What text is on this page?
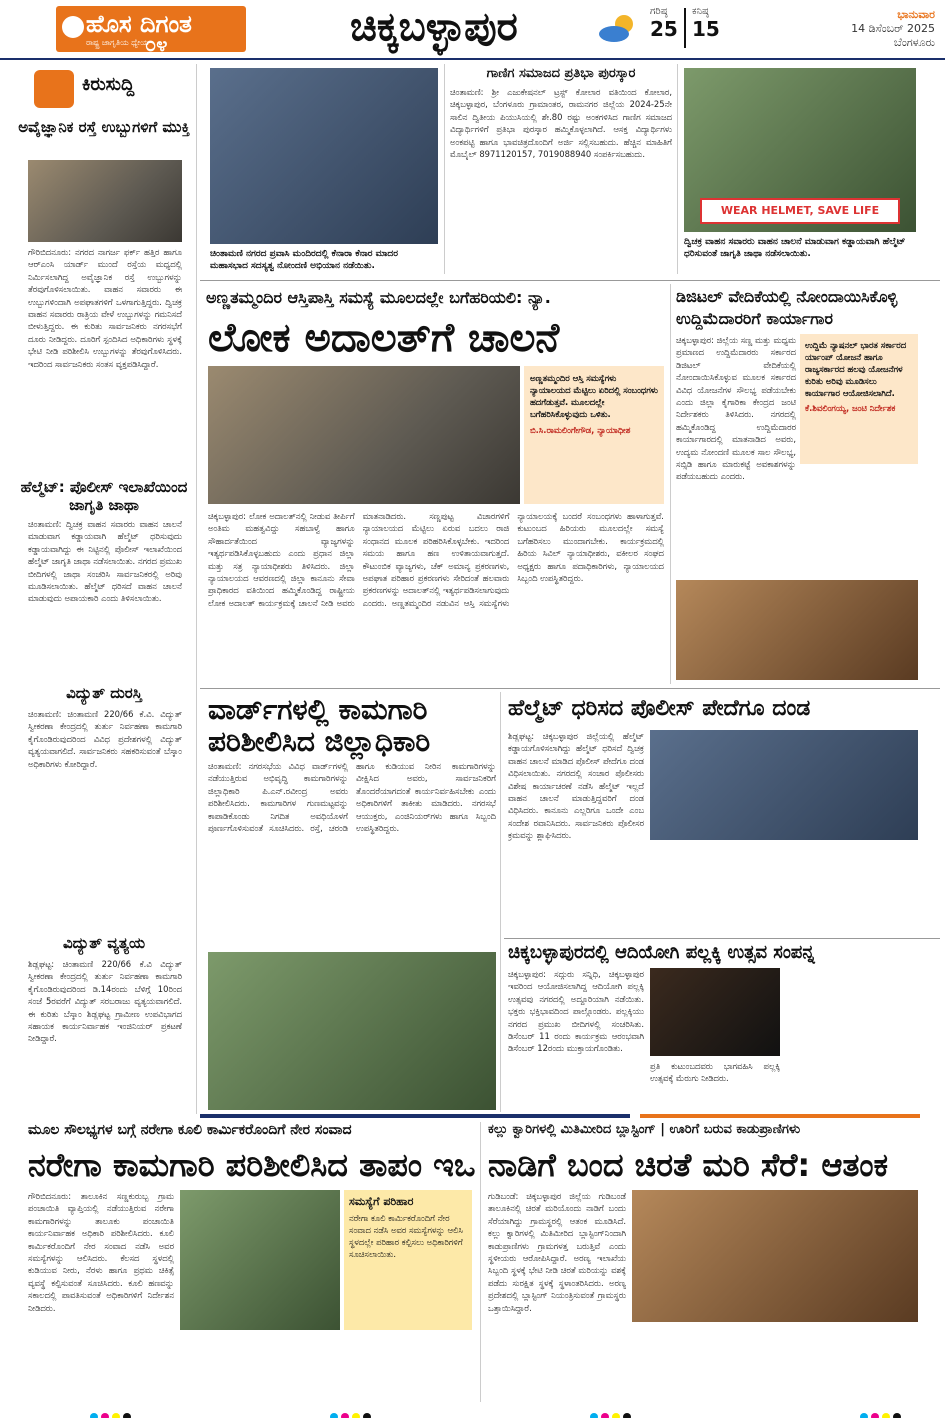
ಹೊಸ ದಿಗಂತ
ರಾಷ್ಟ್ರ ಜಾಗೃತಿಯ ಧ್ಯೇಯ
೦೪	ಚಿಕ್ಕಬಳ್ಳಾಪುರ	ಗರಿಷ್ಠ
25
ಕನಿಷ್ಠ
15
ಭಾನುವಾರ
14 ಡಿಸೆಂಬರ್ 2025
ಬೆಂಗಳೂರು
ಕಿರುಸುದ್ದಿ
ಅವೈಜ್ಞಾನಿಕ ರಸ್ತೆ ಉಬ್ಬುಗಳಿಗೆ ಮುಕ್ತಿ
ಗೌರಿಬಿದನೂರು: ನಗರದ ನಾಗರ್ಜ ಫರ್ಕ್ ಹತ್ತಿರ ಹಾಗೂ ಆರ್‌ಎಂಸಿ ಯಾರ್ಡ್ ಮುಂದೆ ರಸ್ತೆಯ ಮಧ್ಯದಲ್ಲಿ ನಿರ್ಮಿಸಲಾಗಿದ್ದ ಅವೈಜ್ಞಾನಿಕ ರಸ್ತೆ ಉಬ್ಬುಗಳನ್ನು ತೆರವುಗೊಳಿಸಲಾಯಿತು. ವಾಹನ ಸವಾರರು ಈ ಉಬ್ಬುಗಳಿಂದಾಗಿ ಅಪಘಾತಗಳಿಗೆ ಒಳಗಾಗುತ್ತಿದ್ದರು. ದ್ವಿಚಕ್ರ ವಾಹನ ಸವಾರರು ರಾತ್ರಿಯ ವೇಳೆ ಉಬ್ಬುಗಳನ್ನು ಗಮನಿಸದೆ ಬೀಳುತ್ತಿದ್ದರು. ಈ ಕುರಿತು ಸಾರ್ವಜನಿಕರು ನಗರಸಭೆಗೆ ದೂರು ನೀಡಿದ್ದರು. ದೂರಿಗೆ ಸ್ಪಂದಿಸಿದ ಅಧಿಕಾರಿಗಳು ಸ್ಥಳಕ್ಕೆ ಭೇಟಿ ನೀಡಿ ಪರಿಶೀಲಿಸಿ ಉಬ್ಬುಗಳನ್ನು ತೆರವುಗೊಳಿಸಿದರು. ಇದರಿಂದ ಸಾರ್ವಜನಿಕರು ಸಂತಸ ವ್ಯಕ್ತಪಡಿಸಿದ್ದಾರೆ.
ಹೆಲ್ಮೆಟ್: ಪೊಲೀಸ್ ಇಲಾಖೆಯಿಂದ ಜಾಗೃತಿ ಜಾಥಾ
ಚಿಂತಾಮಣಿ: ದ್ವಿಚಕ್ರ ವಾಹನ ಸವಾರರು ವಾಹನ ಚಾಲನೆ ಮಾಡುವಾಗ ಕಡ್ಡಾಯವಾಗಿ ಹೆಲ್ಮೆಟ್ ಧರಿಸುವುದು ಕಡ್ಡಾಯವಾಗಿದ್ದು ಈ ನಿಟ್ಟಿನಲ್ಲಿ ಪೊಲೀಸ್ ಇಲಾಖೆಯಿಂದ ಹೆಲ್ಮೆಟ್ ಜಾಗೃತಿ ಜಾಥಾ ನಡೆಸಲಾಯಿತು. ನಗರದ ಪ್ರಮುಖ ಬೀದಿಗಳಲ್ಲಿ ಜಾಥಾ ಸಂಚರಿಸಿ ಸಾರ್ವಜನಿಕರಲ್ಲಿ ಅರಿವು ಮೂಡಿಸಲಾಯಿತು. ಹೆಲ್ಮೆಟ್ ಧರಿಸದೆ ವಾಹನ ಚಾಲನೆ ಮಾಡುವುದು ಅಪಾಯಕಾರಿ ಎಂದು ತಿಳಿಸಲಾಯಿತು.
ವಿದ್ಯುತ್ ದುರಸ್ತಿ
ಚಿಂತಾಮಣಿ: ಚಿಂತಾಮಣಿ 220/66 ಕೆ.ವಿ. ವಿದ್ಯುತ್ ಸ್ವೀಕರಣಾ ಕೇಂದ್ರದಲ್ಲಿ ತುರ್ತು ನಿರ್ವಹಣಾ ಕಾಮಗಾರಿ ಕೈಗೊಂಡಿರುವುದರಿಂದ ವಿವಿಧ ಪ್ರದೇಶಗಳಲ್ಲಿ ವಿದ್ಯುತ್ ವ್ಯತ್ಯಯವಾಗಲಿದೆ. ಸಾರ್ವಜನಿಕರು ಸಹಕರಿಸುವಂತೆ ಬೆಸ್ಕಾಂ ಅಧಿಕಾರಿಗಳು ಕೋರಿದ್ದಾರೆ.
ವಿದ್ಯುತ್ ವ್ಯತ್ಯಯ
ಶಿಡ್ಲಘಟ್ಟ: ಚಿಂತಾಮಣಿ 220/66 ಕೆ.ವಿ ವಿದ್ಯುತ್ ಸ್ವೀಕರಣಾ ಕೇಂದ್ರದಲ್ಲಿ ತುರ್ತು ನಿರ್ವಹಣಾ ಕಾಮಗಾರಿ ಕೈಗೊಂಡಿರುವುದರಿಂದ ಡಿ.14ರಂದು ಬೆಳಿಗ್ಗೆ 10ರಿಂದ ಸಂಜೆ 5ರವರೆಗೆ ವಿದ್ಯುತ್ ಸರಬರಾಜು ವ್ಯತ್ಯಯವಾಗಲಿದೆ. ಈ ಕುರಿತು ಬೆಸ್ಕಾಂ ಶಿಡ್ಲಘಟ್ಟ ಗ್ರಾಮೀಣ ಉಪವಿಭಾಗದ ಸಹಾಯಕ ಕಾರ್ಯನಿರ್ವಾಹಕ ಇಂಜಿನಿಯರ್ ಪ್ರಕಟಣೆ ನೀಡಿದ್ದಾರೆ.
ಚಿಂತಾಮಣಿ ನಗರದ ಪ್ರವಾಸಿ ಮಂದಿರದಲ್ಲಿ ಕೆನಾರಾ ಕೆನಾರ ಮಾದರ ಮಹಾಸಭಾದ ಸದಸ್ಯತ್ವ ನೋಂದಣಿ ಅಭಿಯಾನ ನಡೆಯಿತು.
ಗಾಣಿಗ ಸಮಾಜದ ಪ್ರತಿಭಾ ಪುರಸ್ಕಾರ
ಚಿಂತಾಮಣಿ: ಶ್ರೀ ಎಜುಕೇಷನಲ್ ಟ್ರಸ್ಟ್ ಕೋಲಾರ ವತಿಯಿಂದ ಕೋಲಾರ, ಚಿಕ್ಕಬಳ್ಳಾಪುರ, ಬೆಂಗಳೂರು ಗ್ರಾಮಾಂತರ, ರಾಮನಗರ ಜಿಲ್ಲೆಯ 2024-25ನೇ ಸಾಲಿನ ದ್ವಿತೀಯ ಪಿಯುಸಿಯಲ್ಲಿ ಶೇ.80 ರಷ್ಟು ಅಂಕಗಳಿಸಿದ ಗಾಣಿಗ ಸಮಾಜದ ವಿದ್ಯಾರ್ಥಿಗಳಿಗೆ ಪ್ರತಿಭಾ ಪುರಸ್ಕಾರ ಹಮ್ಮಿಕೊಳ್ಳಲಾಗಿದೆ. ಆಸಕ್ತ ವಿದ್ಯಾರ್ಥಿಗಳು ಅಂಕಪಟ್ಟಿ ಹಾಗೂ ಭಾವಚಿತ್ರದೊಂದಿಗೆ ಅರ್ಜಿ ಸಲ್ಲಿಸಬಹುದು. ಹೆಚ್ಚಿನ ಮಾಹಿತಿಗೆ ಮೊಬೈಲ್ 8971120157, 7019088940 ಸಂಪರ್ಕಿಸಬಹುದು.
WEAR HELMET, SAVE LIFE
ದ್ವಿಚಕ್ರ ವಾಹನ ಸವಾರರು ವಾಹನ ಚಾಲನೆ ಮಾಡುವಾಗ ಕಡ್ಡಾಯವಾಗಿ ಹೆಲ್ಮೆಟ್ ಧರಿಸುವಂತೆ ಜಾಗೃತಿ ಜಾಥಾ ನಡೆಸಲಾಯಿತು.
ಅಣ್ಣತಮ್ಮಂದಿರ ಆಸ್ತಿಪಾಸ್ತಿ ಸಮಸ್ಯೆ ಮೂಲದಲ್ಲೇ ಬಗೆಹರಿಯಲಿ: ನ್ಯಾ.
ಲೋಕ ಅದಾಲತ್‌ಗೆ ಚಾಲನೆ
ಅಣ್ಣತಮ್ಮಂದಿರ ಆಸ್ತಿ ಸಮಸ್ಯೆಗಳು ನ್ಯಾಯಾಲಯದ ಮೆಟ್ಟಿಲು ಏರಿದಲ್ಲಿ ಸಂಬಂಧಗಳು ಹದಗೆಡುತ್ತವೆ. ಮೂಲದಲ್ಲೇ ಬಗೆಹರಿಸಿಕೊಳ್ಳುವುದು ಒಳಿತು.
ಬಿ.ಸಿ.ರಾಮಲಿಂಗೇಗೌಡ, ನ್ಯಾಯಾಧೀಶ
ಚಿಕ್ಕಬಳ್ಳಾಪುರ: ಲೋಕ ಅದಾಲತ್‌ನಲ್ಲಿ ನೀಡುವ ತೀರ್ಪಿಗೆ ಅಂತಿಮ ಮಹತ್ವವಿದ್ದು ಸಹಬಾಳ್ವೆ ಹಾಗೂ ಸೌಹಾರ್ದತೆಯಿಂದ ವ್ಯಾಜ್ಯಗಳನ್ನು ಇತ್ಯರ್ಥಪಡಿಸಿಕೊಳ್ಳಬಹುದು ಎಂದು ಪ್ರಧಾನ ಜಿಲ್ಲಾ ಮತ್ತು ಸತ್ರ ನ್ಯಾಯಾಧೀಶರು ತಿಳಿಸಿದರು. ಜಿಲ್ಲಾ ನ್ಯಾಯಾಲಯದ ಆವರಣದಲ್ಲಿ ಜಿಲ್ಲಾ ಕಾನೂನು ಸೇವಾ ಪ್ರಾಧಿಕಾರದ ವತಿಯಿಂದ ಹಮ್ಮಿಕೊಂಡಿದ್ದ ರಾಷ್ಟ್ರೀಯ ಲೋಕ ಅದಾಲತ್ ಕಾರ್ಯಕ್ರಮಕ್ಕೆ ಚಾಲನೆ ನೀಡಿ ಅವರು ಮಾತನಾಡಿದರು. ಸಣ್ಣಪುಟ್ಟ ವಿಚಾರಗಳಿಗೆ ನ್ಯಾಯಾಲಯದ ಮೆಟ್ಟಿಲು ಏರುವ ಬದಲು ರಾಜಿ ಸಂಧಾನದ ಮೂಲಕ ಪರಿಹರಿಸಿಕೊಳ್ಳಬೇಕು. ಇದರಿಂದ ಸಮಯ ಹಾಗೂ ಹಣ ಉಳಿತಾಯವಾಗುತ್ತದೆ. ಕೌಟುಂಬಿಕ ವ್ಯಾಜ್ಯಗಳು, ಚೆಕ್ ಅಮಾನ್ಯ ಪ್ರಕರಣಗಳು, ಅಪಘಾತ ಪರಿಹಾರ ಪ್ರಕರಣಗಳು ಸೇರಿದಂತೆ ಹಲವಾರು ಪ್ರಕರಣಗಳನ್ನು ಅದಾಲತ್‌ನಲ್ಲಿ ಇತ್ಯರ್ಥಪಡಿಸಲಾಗುವುದು ಎಂದರು. ಅಣ್ಣತಮ್ಮಂದಿರ ನಡುವಿನ ಆಸ್ತಿ ಸಮಸ್ಯೆಗಳು ನ್ಯಾಯಾಲಯಕ್ಕೆ ಬಂದರೆ ಸಂಬಂಧಗಳು ಹಾಳಾಗುತ್ತವೆ. ಕುಟುಂಬದ ಹಿರಿಯರು ಮೂಲದಲ್ಲೇ ಸಮಸ್ಯೆ ಬಗೆಹರಿಸಲು ಮುಂದಾಗಬೇಕು. ಕಾರ್ಯಕ್ರಮದಲ್ಲಿ ಹಿರಿಯ ಸಿವಿಲ್ ನ್ಯಾಯಾಧೀಶರು, ವಕೀಲರ ಸಂಘದ ಅಧ್ಯಕ್ಷರು ಹಾಗೂ ಪದಾಧಿಕಾರಿಗಳು, ನ್ಯಾಯಾಲಯದ ಸಿಬ್ಬಂದಿ ಉಪಸ್ಥಿತರಿದ್ದರು.
ಡಿಜಿಟಲ್ ವೇದಿಕೆಯಲ್ಲಿ ನೋಂದಾಯಿಸಿಕೊಳ್ಳಿ ಉದ್ದಿಮೆದಾರರಿಗೆ ಕಾರ್ಯಾಗಾರ
ಚಿಕ್ಕಬಳ್ಳಾಪುರ: ಜಿಲ್ಲೆಯ ಸಣ್ಣ ಮತ್ತು ಮಧ್ಯಮ ಪ್ರಮಾಣದ ಉದ್ದಿಮೆದಾರರು ಸರ್ಕಾರದ ಡಿಜಿಟಲ್ ವೇದಿಕೆಯಲ್ಲಿ ನೋಂದಾಯಿಸಿಕೊಳ್ಳುವ ಮೂಲಕ ಸರ್ಕಾರದ ವಿವಿಧ ಯೋಜನೆಗಳ ಸೌಲಭ್ಯ ಪಡೆಯಬೇಕು ಎಂದು ಜಿಲ್ಲಾ ಕೈಗಾರಿಕಾ ಕೇಂದ್ರದ ಜಂಟಿ ನಿರ್ದೇಶಕರು ತಿಳಿಸಿದರು. ನಗರದಲ್ಲಿ ಹಮ್ಮಿಕೊಂಡಿದ್ದ ಉದ್ದಿಮೆದಾರರ ಕಾರ್ಯಾಗಾರದಲ್ಲಿ ಮಾತನಾಡಿದ ಅವರು, ಉದ್ಯಮ ನೋಂದಣಿ ಮೂಲಕ ಸಾಲ ಸೌಲಭ್ಯ, ಸಬ್ಸಿಡಿ ಹಾಗೂ ಮಾರುಕಟ್ಟೆ ಅವಕಾಶಗಳನ್ನು ಪಡೆಯಬಹುದು ಎಂದರು.
ಉದ್ದಿಮೆ ನ್ಯಾಷನಲ್ ಭಾರತ ಸರ್ಕಾರದ ರ್ಯಾಂಪ್ ಯೋಜನೆ ಹಾಗೂ ರಾಜ್ಯಸರ್ಕಾರದ ಹಲವು ಯೋಜನೆಗಳ ಕುರಿತು ಅರಿವು ಮೂಡಿಸಲು ಕಾರ್ಯಾಗಾರ ಆಯೋಜಿಸಲಾಗಿದೆ.
ಕೆ.ಶಿವಲಿಂಗಯ್ಯ, ಜಂಟಿ ನಿರ್ದೇಶಕ
ವಾರ್ಡ್‌ಗಳಲ್ಲಿ ಕಾಮಗಾರಿ ಪರಿಶೀಲಿಸಿದ ಜಿಲ್ಲಾಧಿಕಾರಿ
ಚಿಂತಾಮಣಿ: ನಗರಸಭೆಯ ವಿವಿಧ ವಾರ್ಡ್‌ಗಳಲ್ಲಿ ನಡೆಯುತ್ತಿರುವ ಅಭಿವೃದ್ಧಿ ಕಾಮಗಾರಿಗಳನ್ನು ಜಿಲ್ಲಾಧಿಕಾರಿ ಪಿ.ಎನ್.ರವೀಂದ್ರ ಅವರು ಪರಿಶೀಲಿಸಿದರು. ಕಾಮಗಾರಿಗಳ ಗುಣಮಟ್ಟವನ್ನು ಕಾಪಾಡಿಕೊಂಡು ನಿಗದಿತ ಅವಧಿಯೊಳಗೆ ಪೂರ್ಣಗೊಳಿಸುವಂತೆ ಸೂಚಿಸಿದರು. ರಸ್ತೆ, ಚರಂಡಿ ಹಾಗೂ ಕುಡಿಯುವ ನೀರಿನ ಕಾಮಗಾರಿಗಳನ್ನು ವೀಕ್ಷಿಸಿದ ಅವರು, ಸಾರ್ವಜನಿಕರಿಗೆ ತೊಂದರೆಯಾಗದಂತೆ ಕಾರ್ಯನಿರ್ವಹಿಸಬೇಕು ಎಂದು ಅಧಿಕಾರಿಗಳಿಗೆ ತಾಕೀತು ಮಾಡಿದರು. ನಗರಸಭೆ ಆಯುಕ್ತರು, ಎಂಜಿನಿಯರ್‌ಗಳು ಹಾಗೂ ಸಿಬ್ಬಂದಿ ಉಪಸ್ಥಿತರಿದ್ದರು.
ಹೆಲ್ಮೆಟ್ ಧರಿಸದ ಪೊಲೀಸ್ ಪೇದೆಗೂ ದಂಡ
ಶಿಡ್ಲಘಟ್ಟ: ಚಿಕ್ಕಬಳ್ಳಾಪುರ ಜಿಲ್ಲೆಯಲ್ಲಿ ಹೆಲ್ಮೆಟ್ ಕಡ್ಡಾಯಗೊಳಿಸಲಾಗಿದ್ದು ಹೆಲ್ಮೆಟ್ ಧರಿಸದೆ ದ್ವಿಚಕ್ರ ವಾಹನ ಚಾಲನೆ ಮಾಡಿದ ಪೊಲೀಸ್ ಪೇದೆಗೂ ದಂಡ ವಿಧಿಸಲಾಯಿತು. ನಗರದಲ್ಲಿ ಸಂಚಾರ ಪೊಲೀಸರು ವಿಶೇಷ ಕಾರ್ಯಾಚರಣೆ ನಡೆಸಿ ಹೆಲ್ಮೆಟ್ ಇಲ್ಲದೆ ವಾಹನ ಚಾಲನೆ ಮಾಡುತ್ತಿದ್ದವರಿಗೆ ದಂಡ ವಿಧಿಸಿದರು. ಕಾನೂನು ಎಲ್ಲರಿಗೂ ಒಂದೇ ಎಂಬ ಸಂದೇಶ ರವಾನಿಸಿದರು. ಸಾರ್ವಜನಿಕರು ಪೊಲೀಸರ ಕ್ರಮವನ್ನು ಶ್ಲಾಘಿಸಿದರು.
ಚಿಕ್ಕಬಳ್ಳಾಪುರದಲ್ಲಿ ಆದಿಯೋಗಿ ಪಲ್ಲಕ್ಕಿ ಉತ್ಸವ ಸಂಪನ್ನ
ಚಿಕ್ಕಬಳ್ಳಾಪುರ: ಸದ್ಗುರು ಸನ್ನಿಧಿ, ಚಿಕ್ಕಬಳ್ಳಾಪುರ ಇವರಿಂದ ಆಯೋಜಿಸಲಾಗಿದ್ದ ಆದಿಯೋಗಿ ಪಲ್ಲಕ್ಕಿ ಉತ್ಸವವು ನಗರದಲ್ಲಿ ಅದ್ದೂರಿಯಾಗಿ ನಡೆಯಿತು. ಭಕ್ತರು ಭಕ್ತಿಭಾವದಿಂದ ಪಾಲ್ಗೊಂಡರು. ಪಲ್ಲಕ್ಕಿಯು ನಗರದ ಪ್ರಮುಖ ಬೀದಿಗಳಲ್ಲಿ ಸಂಚರಿಸಿತು. ಡಿಸೆಂಬರ್ 11 ರಂದು ಕಾರ್ಯಕ್ರಮ ಆರಂಭವಾಗಿ ಡಿಸೆಂಬರ್ 12ರಂದು ಮುಕ್ತಾಯಗೊಂಡಿತು.
ಪ್ರತಿ ಕುಟುಂಬದವರು ಭಾಗವಹಿಸಿ ಪಲ್ಲಕ್ಕಿ ಉತ್ಸವಕ್ಕೆ ಮೆರುಗು ನೀಡಿದರು.
ಮೂಲ ಸೌಲಭ್ಯಗಳ ಬಗ್ಗೆ ನರೇಗಾ ಕೂಲಿ ಕಾರ್ಮಿಕರೊಂದಿಗೆ ನೇರ ಸಂವಾದ
ನರೇಗಾ ಕಾಮಗಾರಿ ಪರಿಶೀಲಿಸಿದ ತಾಪಂ ಇಒ
ಗೌರಿಬಿದನೂರು: ತಾಲೂಕಿನ ಸಣ್ಣಕುರುಬ್ಬ ಗ್ರಾಮ ಪಂಚಾಯಿತಿ ವ್ಯಾಪ್ತಿಯಲ್ಲಿ ನಡೆಯುತ್ತಿರುವ ನರೇಗಾ ಕಾಮಗಾರಿಗಳನ್ನು ತಾಲೂಕು ಪಂಚಾಯಿತಿ ಕಾರ್ಯನಿರ್ವಾಹಕ ಅಧಿಕಾರಿ ಪರಿಶೀಲಿಸಿದರು. ಕೂಲಿ ಕಾರ್ಮಿಕರೊಂದಿಗೆ ನೇರ ಸಂವಾದ ನಡೆಸಿ ಅವರ ಸಮಸ್ಯೆಗಳನ್ನು ಆಲಿಸಿದರು. ಕೆಲಸದ ಸ್ಥಳದಲ್ಲಿ ಕುಡಿಯುವ ನೀರು, ನೆರಳು ಹಾಗೂ ಪ್ರಥಮ ಚಿಕಿತ್ಸೆ ವ್ಯವಸ್ಥೆ ಕಲ್ಪಿಸುವಂತೆ ಸೂಚಿಸಿದರು. ಕೂಲಿ ಹಣವನ್ನು ಸಕಾಲದಲ್ಲಿ ಪಾವತಿಸುವಂತೆ ಅಧಿಕಾರಿಗಳಿಗೆ ನಿರ್ದೇಶನ ನೀಡಿದರು.
ಸಮಸ್ಯೆಗೆ ಪರಿಹಾರ
ನರೇಗಾ ಕೂಲಿ ಕಾರ್ಮಿಕರೊಂದಿಗೆ ನೇರ ಸಂವಾದ ನಡೆಸಿ ಅವರ ಸಮಸ್ಯೆಗಳನ್ನು ಆಲಿಸಿ ಸ್ಥಳದಲ್ಲೇ ಪರಿಹಾರ ಕಲ್ಪಿಸಲು ಅಧಿಕಾರಿಗಳಿಗೆ ಸೂಚಿಸಲಾಯಿತು.
ಕಲ್ಲು ಕ್ವಾರಿಗಳಲ್ಲಿ ಮಿತಿಮೀರಿದ ಬ್ಲಾಸ್ಟಿಂಗ್ | ಊರಿಗೆ ಬರುವ ಕಾಡುಪ್ರಾಣಿಗಳು
ನಾಡಿಗೆ ಬಂದ ಚಿರತೆ ಮರಿ ಸೆರೆ: ಆತಂಕ
ಗುಡಿಬಂಡೆ: ಚಿಕ್ಕಬಳ್ಳಾಪುರ ಜಿಲ್ಲೆಯ ಗುಡಿಬಂಡೆ ತಾಲೂಕಿನಲ್ಲಿ ಚಿರತೆ ಮರಿಯೊಂದು ನಾಡಿಗೆ ಬಂದು ಸೆರೆಯಾಗಿದ್ದು ಗ್ರಾಮಸ್ಥರಲ್ಲಿ ಆತಂಕ ಮೂಡಿಸಿದೆ. ಕಲ್ಲು ಕ್ವಾರಿಗಳಲ್ಲಿ ಮಿತಿಮೀರಿದ ಬ್ಲಾಸ್ಟಿಂಗ್‌ನಿಂದಾಗಿ ಕಾಡುಪ್ರಾಣಿಗಳು ಗ್ರಾಮಗಳತ್ತ ಬರುತ್ತಿವೆ ಎಂದು ಸ್ಥಳೀಯರು ಆರೋಪಿಸಿದ್ದಾರೆ. ಅರಣ್ಯ ಇಲಾಖೆಯ ಸಿಬ್ಬಂದಿ ಸ್ಥಳಕ್ಕೆ ಭೇಟಿ ನೀಡಿ ಚಿರತೆ ಮರಿಯನ್ನು ವಶಕ್ಕೆ ಪಡೆದು ಸುರಕ್ಷಿತ ಸ್ಥಳಕ್ಕೆ ಸ್ಥಳಾಂತರಿಸಿದರು. ಅರಣ್ಯ ಪ್ರದೇಶದಲ್ಲಿ ಬ್ಲಾಸ್ಟಿಂಗ್ ನಿಯಂತ್ರಿಸುವಂತೆ ಗ್ರಾಮಸ್ಥರು ಒತ್ತಾಯಿಸಿದ್ದಾರೆ.
